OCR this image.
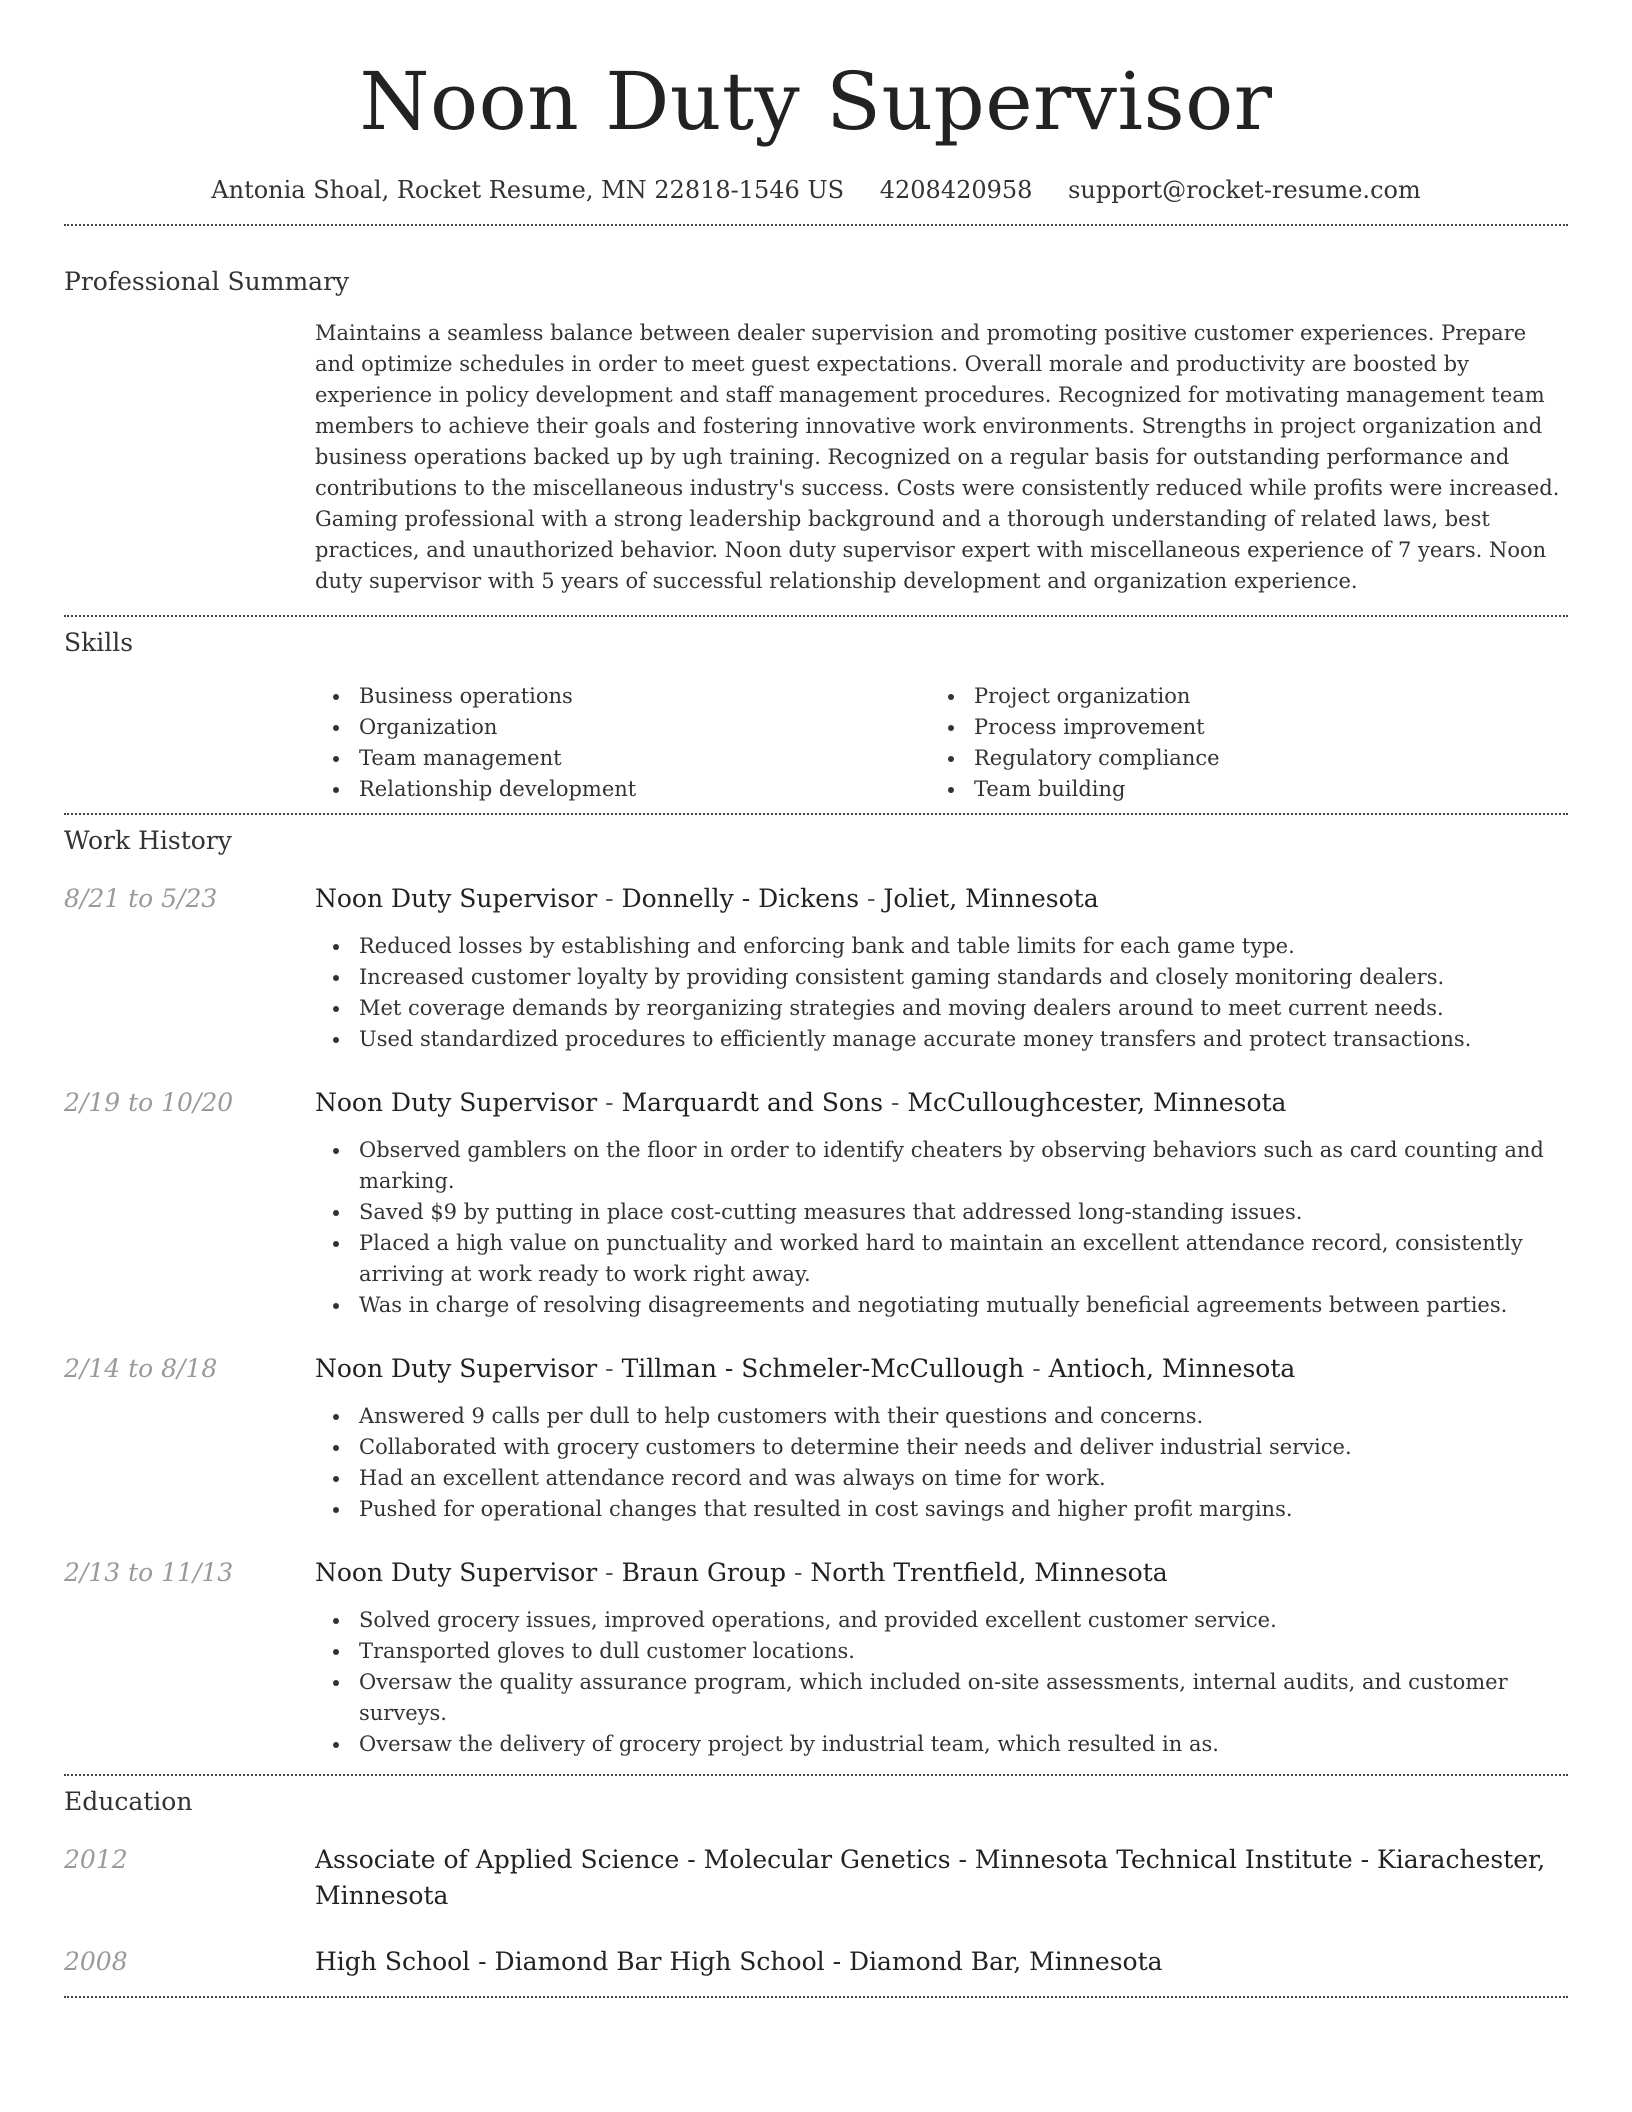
Noon Duty Supervisor
Antonia Shoal, Rocket Resume, MN 22818-1546 US 4208420958 support@rocket-resume.com
Professional Summary

Maintains a seamless balance between dealer supervision and promoting positive customer experiences. Prepare and optimize schedules in order to meet guest expectations. Overall morale and productivity are boosted by experience in policy development and staff management procedures. Recognized for motivating management team members to achieve their goals and fostering innovative work environments. Strengths in project organization and business operations backed up by ugh training. Recognized on a regular basis for outstanding performance and contributions to the miscellaneous industry's success. Costs were consistently reduced while profits were increased. Gaming professional with a strong leadership background and a thorough understanding of related laws, best practices, and unauthorized behavior. Noon duty supervisor expert with miscellaneous experience of 7 years. Noon duty supervisor with 5 years of successful relationship development and organization experience.

Skills
Business operations
Organization
Team management
Relationship development
Project organization
Process improvement
Regulatory compliance
Team building
Work History
8/21 to 5/23	Noon Duty Supervisor - Donnelly - Dickens - Joliet, Minnesota
Reduced losses by establishing and enforcing bank and table limits for each game type.
Increased customer loyalty by providing consistent gaming standards and closely monitoring dealers.
Met coverage demands by reorganizing strategies and moving dealers around to meet current needs.
Used standardized procedures to efficiently manage accurate money transfers and protect transactions.
2/19 to 10/20	Noon Duty Supervisor - Marquardt and Sons - McCulloughcester, Minnesota
Observed gamblers on the floor in order to identify cheaters by observing behaviors such as card counting and marking.
Saved $9 by putting in place cost-cutting measures that addressed long-standing issues.
Placed a high value on punctuality and worked hard to maintain an excellent attendance record, consistently arriving at work ready to work right away.
Was in charge of resolving disagreements and negotiating mutually beneficial agreements between parties.
2/14 to 8/18	Noon Duty Supervisor - Tillman - Schmeler-McCullough - Antioch, Minnesota
Answered 9 calls per dull to help customers with their questions and concerns.
Collaborated with grocery customers to determine their needs and deliver industrial service.
Had an excellent attendance record and was always on time for work.
Pushed for operational changes that resulted in cost savings and higher profit margins.
2/13 to 11/13	Noon Duty Supervisor - Braun Group - North Trentfield, Minnesota
Solved grocery issues, improved operations, and provided excellent customer service.
Transported gloves to dull customer locations.
Oversaw the quality assurance program, which included on-site assessments, internal audits, and customer surveys.
Oversaw the delivery of grocery project by industrial team, which resulted in as.
Education
2012	Associate of Applied Science - Molecular Genetics - Minnesota Technical Institute - Kiarachester, Minnesota
2008	High School - Diamond Bar High School - Diamond Bar, Minnesota
